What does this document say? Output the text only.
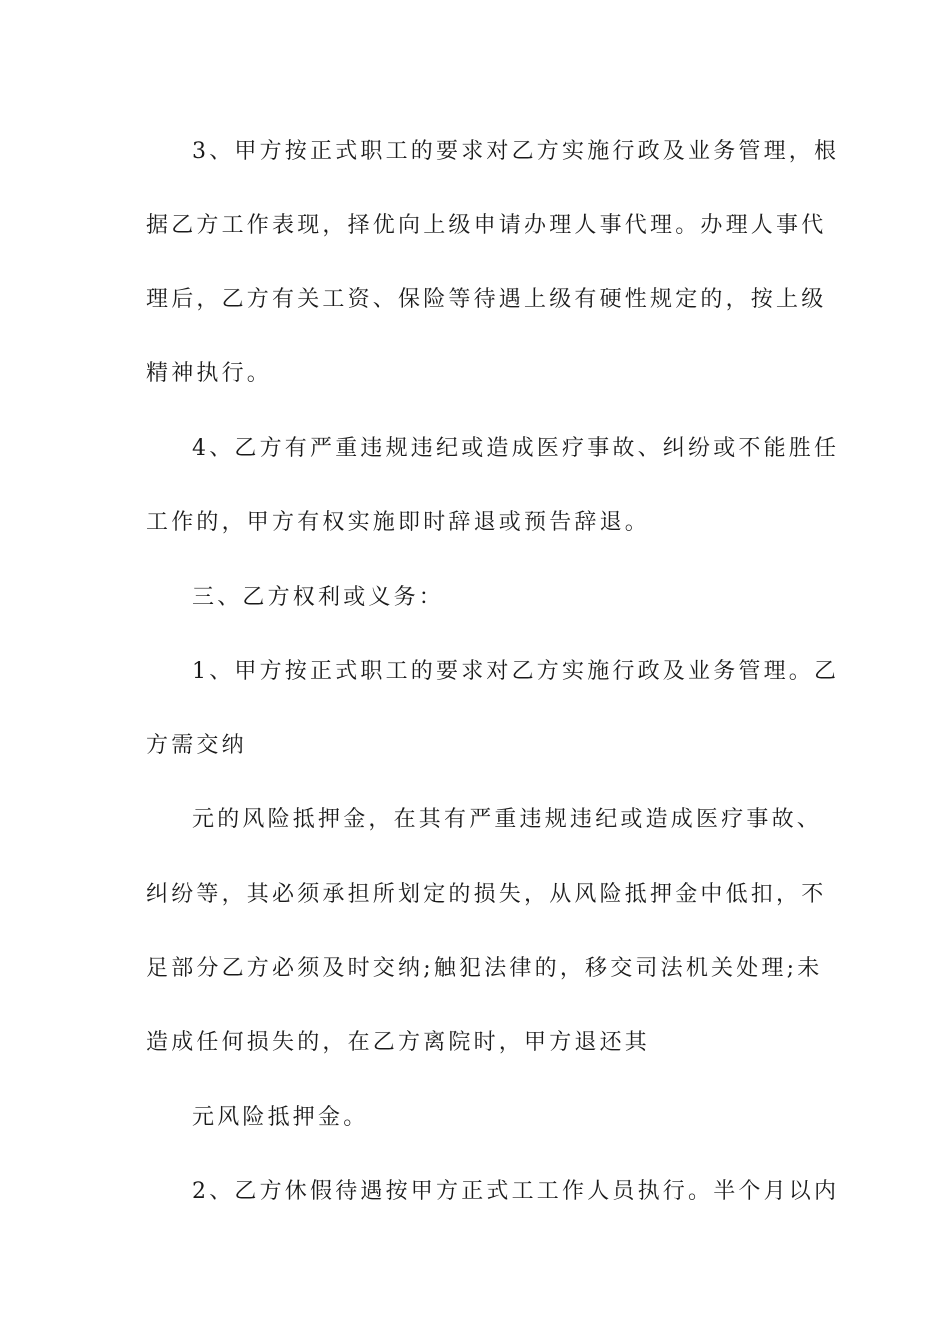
3、甲方按正式职工的要求对乙方实施行政及业务管理，根
据乙方工作表现，择优向上级申请办理人事代理。办理人事代
理后，乙方有关工资、保险等待遇上级有硬性规定的，按上级
精神执行。
4、乙方有严重违规违纪或造成医疗事故、纠纷或不能胜任
工作的，甲方有权实施即时辞退或预告辞退。
三、乙方权利或义务：
1、甲方按正式职工的要求对乙方实施行政及业务管理。乙
方需交纳
元的风险抵押金，在其有严重违规违纪或造成医疗事故、
纠纷等，其必须承担所划定的损失，从风险抵押金中低扣，不
足部分乙方必须及时交纳;触犯法律的，移交司法机关处理;未
造成任何损失的，在乙方离院时，甲方退还其
元风险抵押金。
2、乙方休假待遇按甲方正式工工作人员执行。半个月以内
